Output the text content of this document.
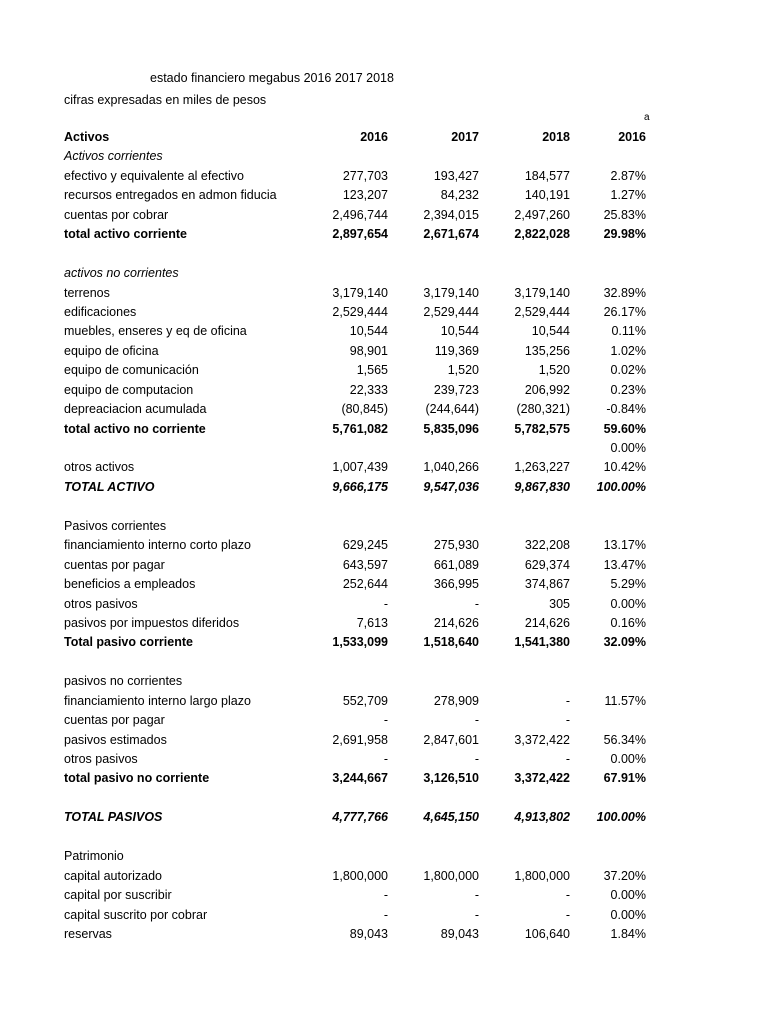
estado financiero megabus 2016 2017 2018
cifras expresadas en miles de pesos
a
Activos	2016	2017	2018	2016
Activos corrientes
efectivo y equivalente al efectivo	277,703	193,427	184,577	2.87%
recursos entregados en admon fiducia	123,207	84,232	140,191	1.27%
cuentas por cobrar	2,496,744	2,394,015	2,497,260	25.83%
total activo corriente	2,897,654	2,671,674	2,822,028	29.98%
activos no corrientes
terrenos	3,179,140	3,179,140	3,179,140	32.89%
edificaciones	2,529,444	2,529,444	2,529,444	26.17%
muebles, enseres y eq de oficina	10,544	10,544	10,544	0.11%
equipo de oficina	98,901	119,369	135,256	1.02%
equipo de comunicación	1,565	1,520	1,520	0.02%
equipo de computacion	22,333	239,723	206,992	0.23%
depreaciacion acumulada	(80,845)	(244,644)	(280,321)	-0.84%
total activo no corriente	5,761,082	5,835,096	5,782,575	59.60%
0.00%
otros activos	1,007,439	1,040,266	1,263,227	10.42%
TOTAL ACTIVO	9,666,175	9,547,036	9,867,830 100.00%
Pasivos corrientes
financiamiento interno corto plazo	629,245	275,930	322,208	13.17%
cuentas por pagar	643,597	661,089	629,374	13.47%
beneficios a empleados	252,644	366,995	374,867	5.29%
otros pasivos	-	-	305	0.00%
pasivos por impuestos diferidos	7,613	214,626	214,626	0.16%
Total pasivo corriente	1,533,099	1,518,640	1,541,380	32.09%
pasivos no corrientes
financiamiento interno largo plazo	552,709	278,909	-	11.57%
cuentas por pagar	-	-	-
pasivos estimados	2,691,958	2,847,601	3,372,422	56.34%
otros pasivos	-	-	-	0.00%
total pasivo no corriente	3,244,667	3,126,510	3,372,422	67.91%
TOTAL PASIVOS	4,777,766	4,645,150	4,913,802 100.00%
Patrimonio
capital autorizado	1,800,000	1,800,000	1,800,000	37.20%
capital por suscribir	-	-	-	0.00%
capital suscrito por cobrar	-	-	-	0.00%
reservas	89,043	89,043	106,640	1.84%
